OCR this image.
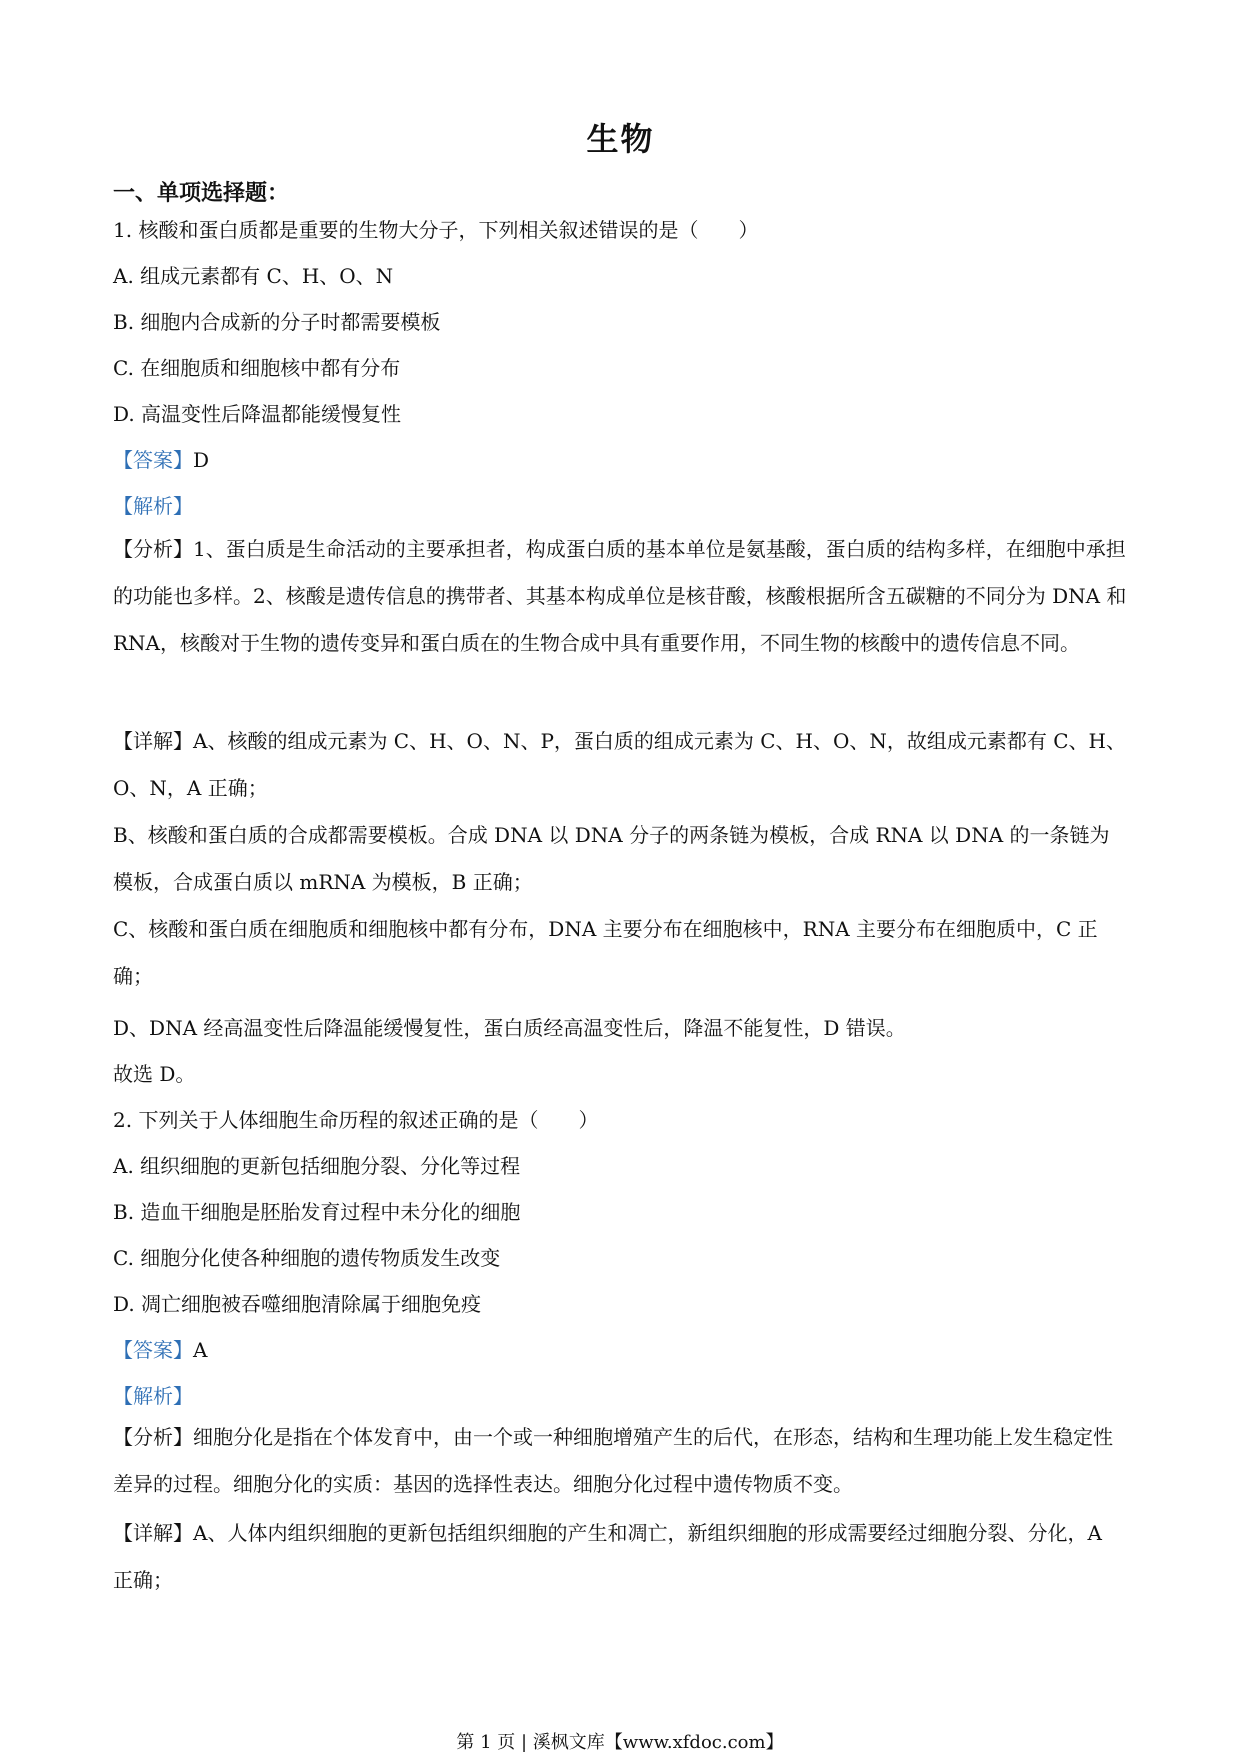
生物
一、单项选择题：
1. 核酸和蛋白质都是重要的生物大分子，下列相关叙述错误的是（　　）
A. 组成元素都有 C、H、O、N
B. 细胞内合成新的分子时都需要模板
C. 在细胞质和细胞核中都有分布
D. 高温变性后降温都能缓慢复性
【答案】D
【解析】
【分析】1、蛋白质是生命活动的主要承担者，构成蛋白质的基本单位是氨基酸，蛋白质的结构多样，在细胞中承担的功能也多样。2、核酸是遗传信息的携带者、其基本构成单位是核苷酸，核酸根据所含五碳糖的不同分为 DNA 和 RNA，核酸对于生物的遗传变异和蛋白质在的生物合成中具有重要作用，不同生物的核酸中的遗传信息不同。
【详解】A、核酸的组成元素为 C、H、O、N、P，蛋白质的组成元素为 C、H、O、N，故组成元素都有 C、H、O、N，A 正确；
B、核酸和蛋白质的合成都需要模板。合成 DNA 以 DNA 分子的两条链为模板，合成 RNA 以 DNA 的一条链为模板，合成蛋白质以 mRNA 为模板，B 正确；
C、核酸和蛋白质在细胞质和细胞核中都有分布，DNA 主要分布在细胞核中，RNA 主要分布在细胞质中，C 正确；
D、DNA 经高温变性后降温能缓慢复性，蛋白质经高温变性后，降温不能复性，D 错误。
故选 D。
2. 下列关于人体细胞生命历程的叙述正确的是（　　）
A. 组织细胞的更新包括细胞分裂、分化等过程
B. 造血干细胞是胚胎发育过程中未分化的细胞
C. 细胞分化使各种细胞的遗传物质发生改变
D. 凋亡细胞被吞噬细胞清除属于细胞免疫
【答案】A
【解析】
【分析】细胞分化是指在个体发育中，由一个或一种细胞增殖产生的后代，在形态，结构和生理功能上发生稳定性差异的过程。细胞分化的实质：基因的选择性表达。细胞分化过程中遗传物质不变。
【详解】A、人体内组织细胞的更新包括组织细胞的产生和凋亡，新组织细胞的形成需要经过细胞分裂、分化，A 正确；
第 1 页 | 溪枫文库【www.xfdoc.com】
